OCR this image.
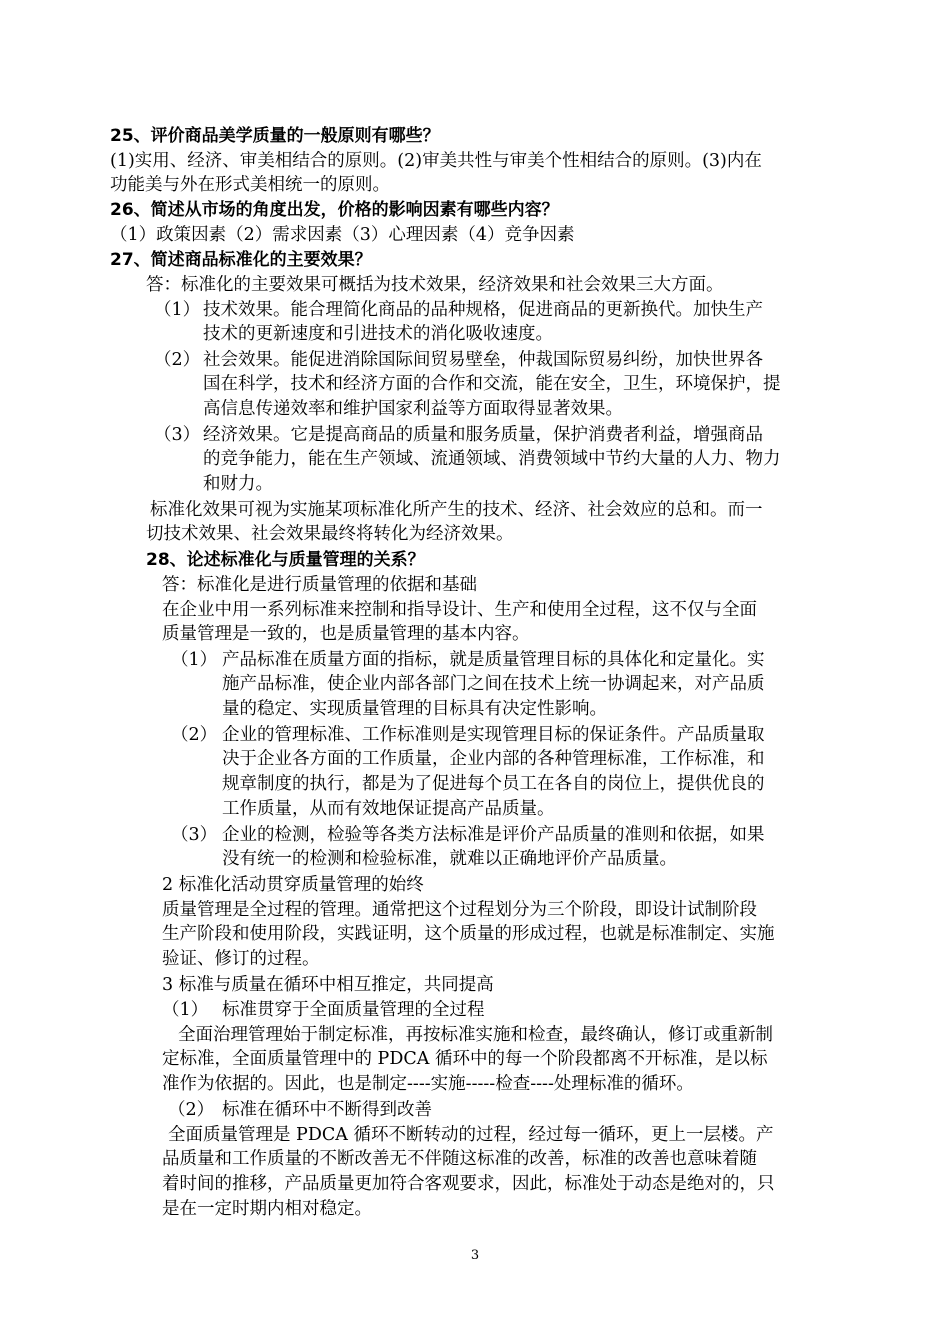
25、评价商品美学质量的一般原则有哪些？
(1)实用、经济、审美相结合的原则。(2)审美共性与审美个性相结合的原则。(3)内在
功能美与外在形式美相统一的原则。
26、简述从市场的角度出发，价格的影响因素有哪些内容？
（1）政策因素（2）需求因素（3）心理因素（4）竞争因素
27、简述商品标准化的主要效果？
答：标准化的主要效果可概括为技术效果，经济效果和社会效果三大方面。
（1） 技术效果。能合理简化商品的品种规格，促进商品的更新换代。加快生产
技术的更新速度和引进技术的消化吸收速度。
（2） 社会效果。能促进消除国际间贸易壁垒，仲裁国际贸易纠纷，加快世界各
国在科学，技术和经济方面的合作和交流，能在安全，卫生，环境保护，提
高信息传递效率和维护国家利益等方面取得显著效果。
（3） 经济效果。它是提高商品的质量和服务质量，保护消费者利益，增强商品
的竞争能力，能在生产领域、流通领域、消费领域中节约大量的人力、物力
和财力。
标准化效果可视为实施某项标准化所产生的技术、经济、社会效应的总和。而一
切技术效果、社会效果最终将转化为经济效果。
28、论述标准化与质量管理的关系？
答：标准化是进行质量管理的依据和基础
在企业中用一系列标准来控制和指导设计、生产和使用全过程，这不仅与全面
质量管理是一致的，也是质量管理的基本内容。
（1） 产品标准在质量方面的指标，就是质量管理目标的具体化和定量化。实
施产品标准，使企业内部各部门之间在技术上统一协调起来，对产品质
量的稳定、实现质量管理的目标具有决定性影响。
（2） 企业的管理标准、工作标准则是实现管理目标的保证条件。产品质量取
决于企业各方面的工作质量，企业内部的各种管理标准，工作标准，和
规章制度的执行，都是为了促进每个员工在各自的岗位上，提供优良的
工作质量，从而有效地保证提高产品质量。
（3） 企业的检测，检验等各类方法标准是评价产品质量的准则和依据，如果
没有统一的检测和检验标准，就难以正确地评价产品质量。
2 标准化活动贯穿质量管理的始终
质量管理是全过程的管理。通常把这个过程划分为三个阶段，即设计试制阶段
生产阶段和使用阶段，实践证明，这个质量的形成过程，也就是标准制定、实施
验证、修订的过程。
3 标准与质量在循环中相互推定，共同提高
（1） 标准贯穿于全面质量管理的全过程
全面治理管理始于制定标准，再按标准实施和检查，最终确认，修订或重新制
定标准，全面质量管理中的 PDCA 循环中的每一个阶段都离不开标准，是以标
准作为依据的。因此，也是制定----实施-----检查----处理标准的循环。
（2） 标准在循环中不断得到改善
全面质量管理是 PDCA 循环不断转动的过程，经过每一循环，更上一层楼。产
品质量和工作质量的不断改善无不伴随这标准的改善，标准的改善也意味着随
着时间的推移，产品质量更加符合客观要求，因此，标准处于动态是绝对的，只
是在一定时期内相对稳定。
3
